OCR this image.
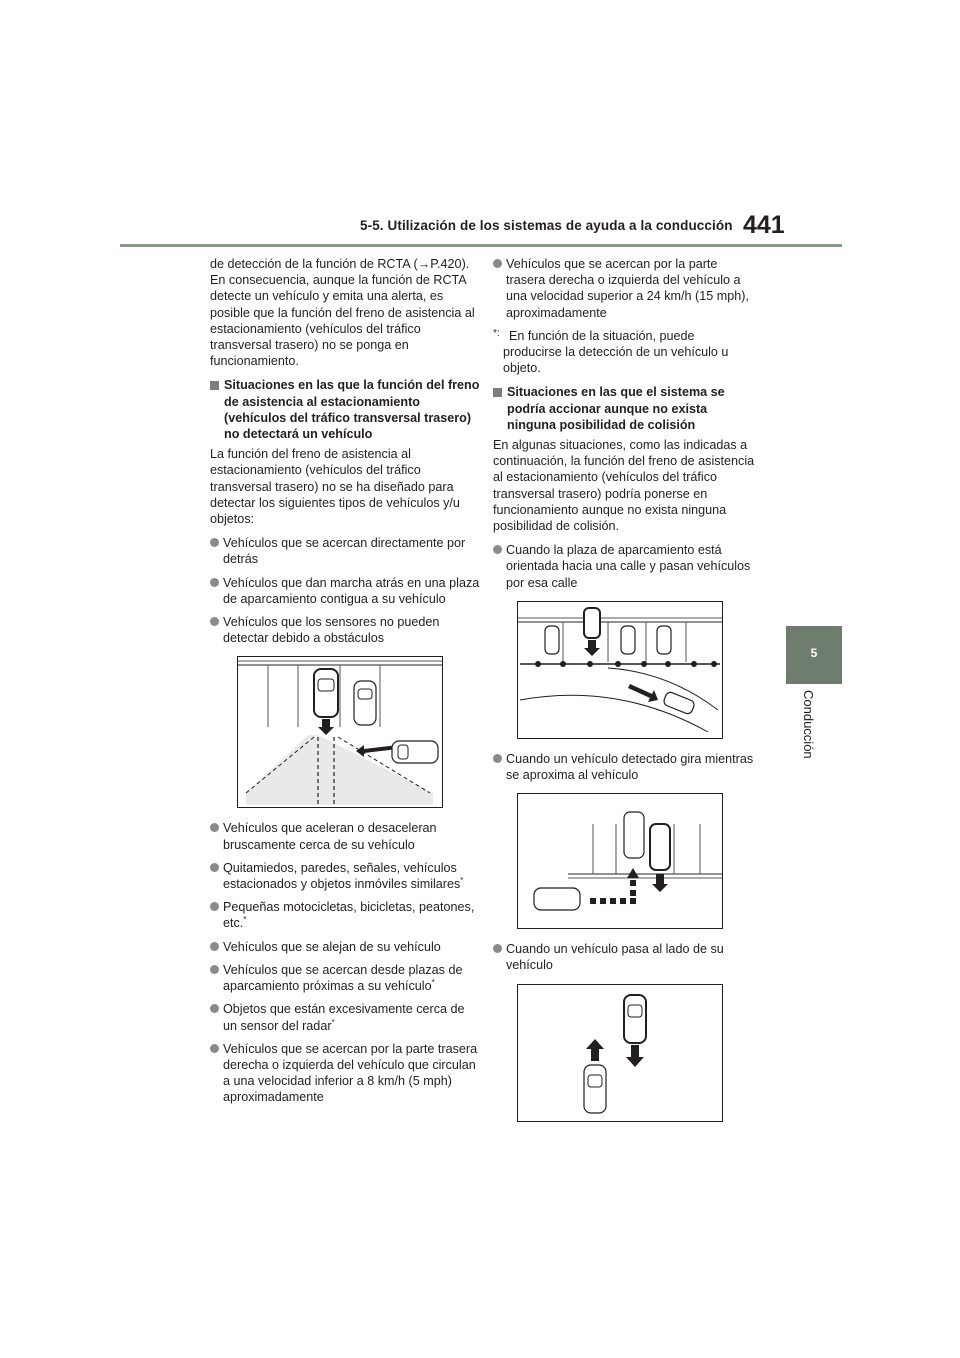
5-5. Utilización de los sistemas de ayuda a la conducción 441
5
Conducción

de detección de la función de RCTA (→P.420). En consecuencia, aunque la función de RCTA detecte un vehículo y emita una alerta, es posible que la función del freno de asistencia al estacionamiento (vehículos del tráfico transversal trasero) no se ponga en funcionamiento.

Situaciones en las que la función del freno de asistencia al estacionamiento (vehículos del tráfico transversal trasero) no detectará un vehículo

La función del freno de asistencia al estacionamiento (vehículos del tráfico transversal trasero) no se ha diseñado para detectar los siguientes tipos de vehículos y/u objetos:

Vehículos que se acercan directamente por detrás
Vehículos que dan marcha atrás en una plaza de aparcamiento contigua a su vehículo
Vehículos que los sensores no pueden detectar debido a obstáculos
Vehículos que aceleran o desaceleran bruscamente cerca de su vehículo
Quitamiedos, paredes, señales, vehículos estacionados y objetos inmóviles similares*
Pequeñas motocicletas, bicicletas, peatones, etc.*
Vehículos que se alejan de su vehículo
Vehículos que se acercan desde plazas de aparcamiento próximas a su vehículo*
Objetos que están excesivamente cerca de un sensor del radar*
Vehículos que se acercan por la parte trasera derecha o izquierda del vehículo que circulan a una velocidad inferior a 8 km/h (5 mph) aproximadamente
Vehículos que se acercan por la parte trasera derecha o izquierda del vehículo a una velocidad superior a 24 km/h (15 mph), aproximadamente
*: En función de la situación, puede producirse la detección de un vehículo u objeto.
Situaciones en las que el sistema se podría accionar aunque no exista ninguna posibilidad de colisión

En algunas situaciones, como las indicadas a continuación, la función del freno de asistencia al estacionamiento (vehículos del tráfico transversal trasero) podría ponerse en funcionamiento aunque no exista ninguna posibilidad de colisión.

Cuando la plaza de aparcamiento está orientada hacia una calle y pasan vehículos por esa calle
Cuando un vehículo detectado gira mientras se aproxima al vehículo
Cuando un vehículo pasa al lado de su vehículo
